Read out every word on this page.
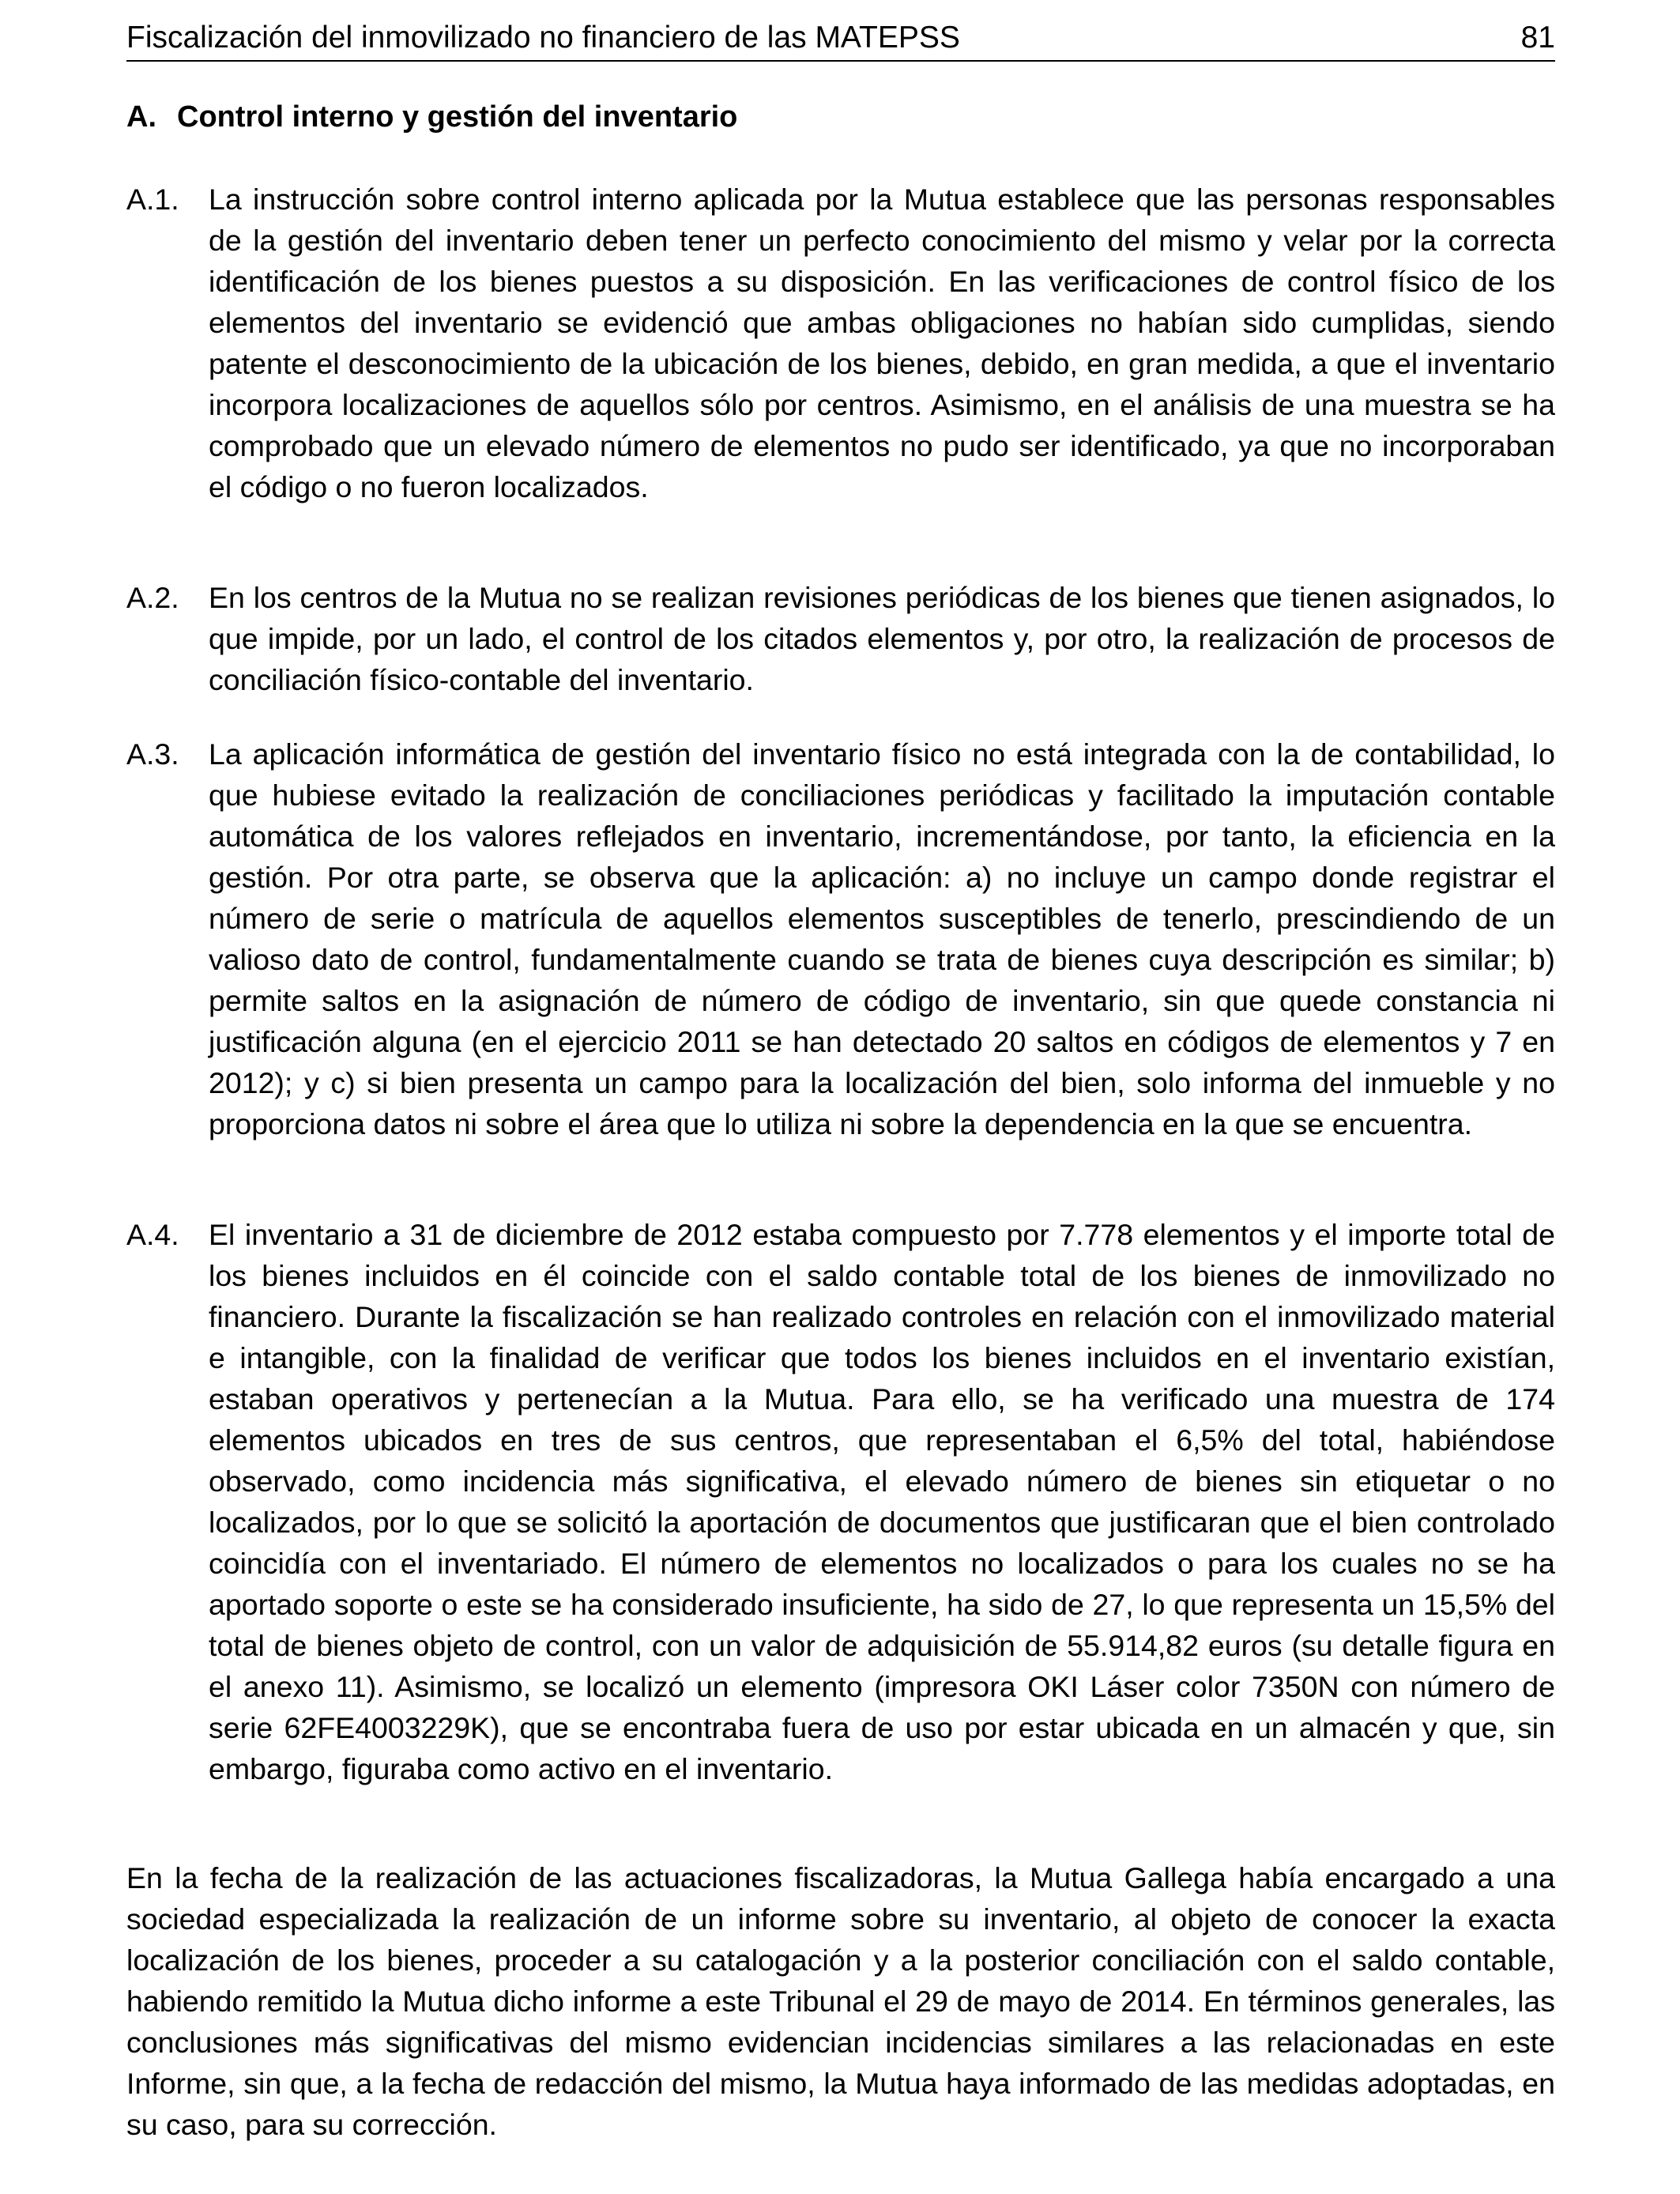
Fiscalización del inmovilizado no financiero de las MATEPSS	81
A. Control interno y gestión del inventario
A.1. La instrucción sobre control interno aplicada por la Mutua establece que las personas responsables de la gestión del inventario deben tener un perfecto conocimiento del mismo y velar por la correcta identificación de los bienes puestos a su disposición. En las verificaciones de control físico de los elementos del inventario se evidenció que ambas obligaciones no habían sido cumplidas, siendo patente el desconocimiento de la ubicación de los bienes, debido, en gran medida, a que el inventario incorpora localizaciones de aquellos sólo por centros. Asimismo, en el análisis de una muestra se ha comprobado que un elevado número de elementos no pudo ser identificado, ya que no incorporaban el código o no fueron localizados.

A.2. En los centros de la Mutua no se realizan revisiones periódicas de los bienes que tienen asignados, lo que impide, por un lado, el control de los citados elementos y, por otro, la realización de procesos de conciliación físico-contable del inventario.

A.3. La aplicación informática de gestión del inventario físico no está integrada con la de contabilidad, lo que hubiese evitado la realización de conciliaciones periódicas y facilitado la imputación contable automática de los valores reflejados en inventario, incrementándose, por tanto, la eficiencia en la gestión. Por otra parte, se observa que la aplicación: a) no incluye un campo donde registrar el número de serie o matrícula de aquellos elementos susceptibles de tenerlo, prescindiendo de un valioso dato de control, fundamentalmente cuando se trata de bienes cuya descripción es similar; b) permite saltos en la asignación de número de código de inventario, sin que quede constancia ni justificación alguna (en el ejercicio 2011 se han detectado 20 saltos en códigos de elementos y 7 en 2012); y c) si bien presenta un campo para la localización del bien, solo informa del inmueble y no proporciona datos ni sobre el área que lo utiliza ni sobre la dependencia en la que se encuentra.

A.4. El inventario a 31 de diciembre de 2012 estaba compuesto por 7.778 elementos y el importe total de los bienes incluidos en él coincide con el saldo contable total de los bienes de inmovilizado no financiero. Durante la fiscalización se han realizado controles en relación con el inmovilizado material e intangible, con la finalidad de verificar que todos los bienes incluidos en el inventario existían, estaban operativos y pertenecían a la Mutua. Para ello, se ha verificado una muestra de 174 elementos ubicados en tres de sus centros, que representaban el 6,5% del total, habiéndose observado, como incidencia más significativa, el elevado número de bienes sin etiquetar o no localizados, por lo que se solicitó la aportación de documentos que justificaran que el bien controlado coincidía con el inventariado. El número de elementos no localizados o para los cuales no se ha aportado soporte o este se ha considerado insuficiente, ha sido de 27, lo que representa un 15,5% del total de bienes objeto de control, con un valor de adquisición de 55.914,82 euros (su detalle figura en el anexo 11). Asimismo, se localizó un elemento (impresora OKI Láser color 7350N con número de serie 62FE4003229K), que se encontraba fuera de uso por estar ubicada en un almacén y que, sin embargo, figuraba como activo en el inventario.

En la fecha de la realización de las actuaciones fiscalizadoras, la Mutua Gallega había encargado a una sociedad especializada la realización de un informe sobre su inventario, al objeto de conocer la exacta localización de los bienes, proceder a su catalogación y a la posterior conciliación con el saldo contable, habiendo remitido la Mutua dicho informe a este Tribunal el 29 de mayo de 2014. En términos generales, las conclusiones más significativas del mismo evidencian incidencias similares a las relacionadas en este Informe, sin que, a la fecha de redacción del mismo, la Mutua haya informado de las medidas adoptadas, en su caso, para su corrección.
